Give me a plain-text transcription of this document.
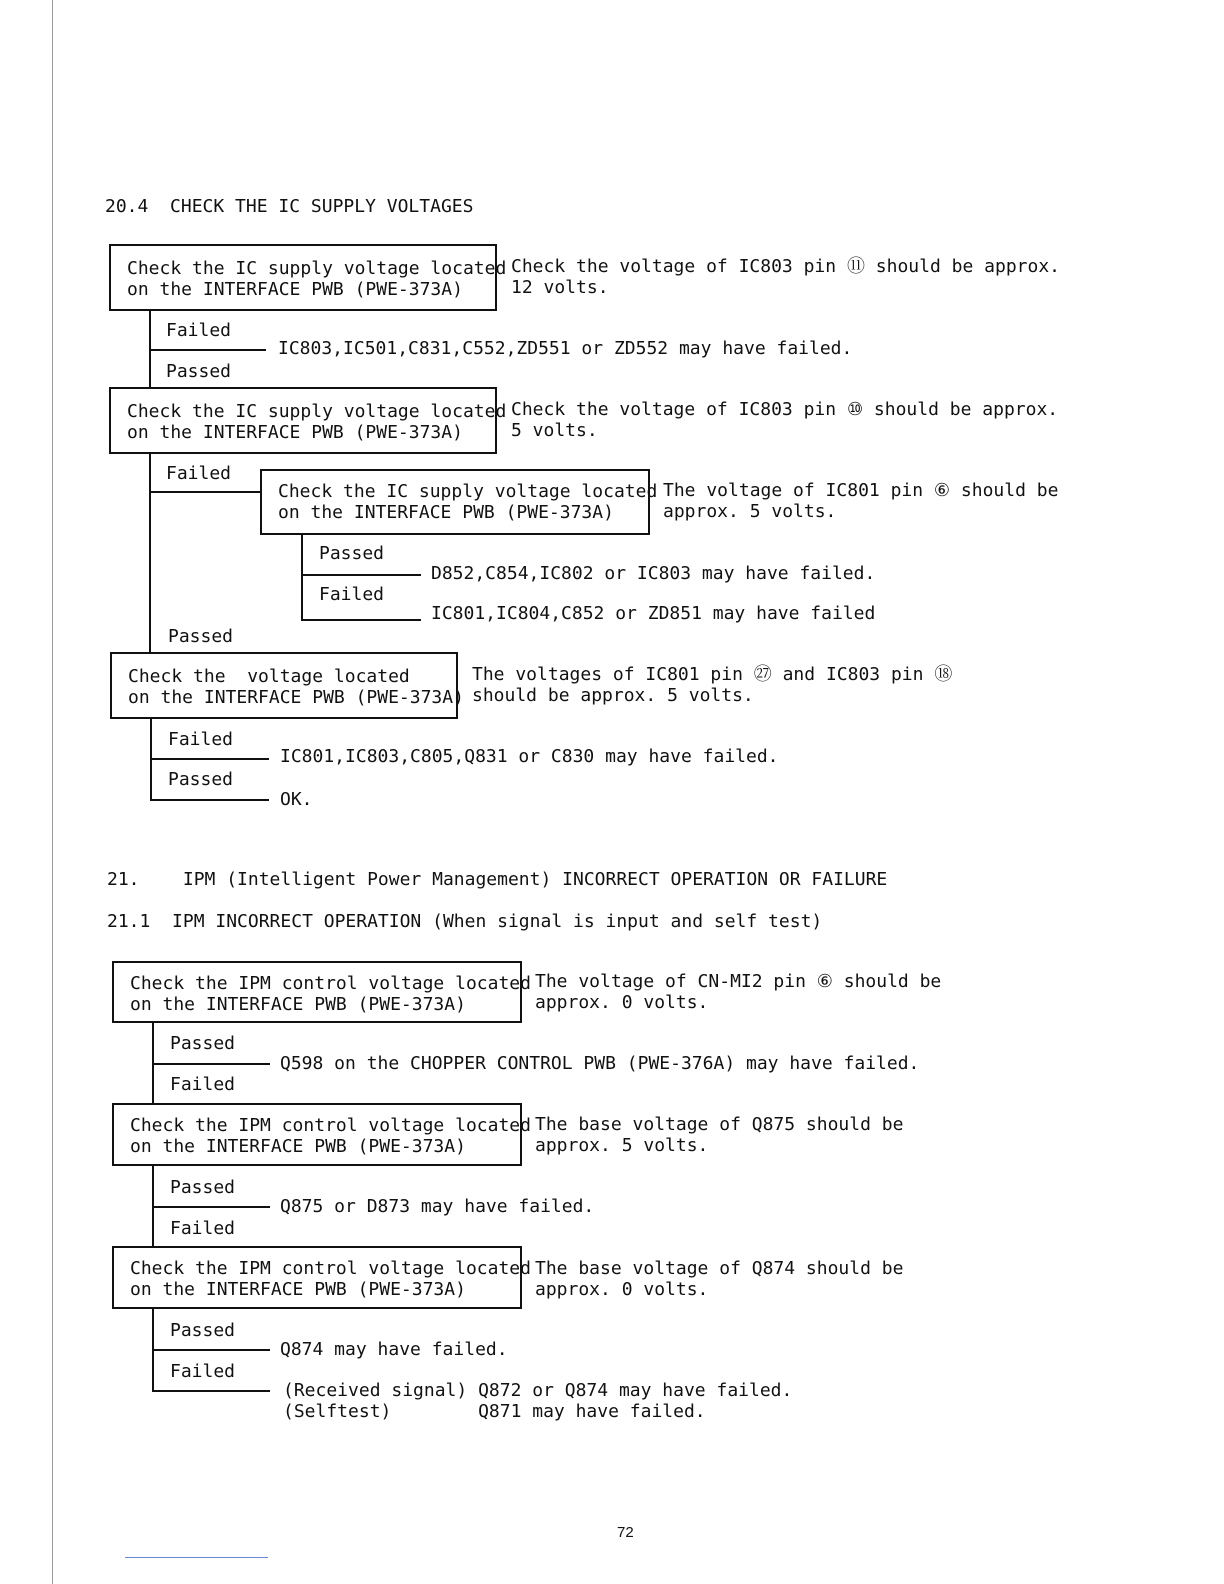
20.4  CHECK THE IC SUPPLY VOLTAGES
Check the IC supply voltage located
on the INTERFACE PWB (PWE-373A)
Check the voltage of IC803 pin ⑪ should be approx.
12 volts.
Failed
IC803,IC501,C831,C552,ZD551 or ZD552 may have failed.
Passed
Check the IC supply voltage located
on the INTERFACE PWB (PWE-373A)
Check the voltage of IC803 pin ⑩ should be approx.
5 volts.
Failed
Check the IC supply voltage located
on the INTERFACE PWB (PWE-373A)
The voltage of IC801 pin ⑥ should be
approx. 5 volts.
Passed
D852,C854,IC802 or IC803 may have failed.
Failed
IC801,IC804,C852 or ZD851 may have failed
Passed
Check the  voltage located
on the INTERFACE PWB (PWE-373A)
The voltages of IC801 pin ㉗ and IC803 pin ⑱
should be approx. 5 volts.
Failed
IC801,IC803,C805,Q831 or C830 may have failed.
Passed
OK.
21.    IPM (Intelligent Power Management) INCORRECT OPERATION OR FAILURE
21.1  IPM INCORRECT OPERATION (When signal is input and self test)
Check the IPM control voltage located
on the INTERFACE PWB (PWE-373A)
The voltage of CN-MI2 pin ⑥ should be
approx. 0 volts.
Passed
Q598 on the CHOPPER CONTROL PWB (PWE-376A) may have failed.
Failed
Check the IPM control voltage located
on the INTERFACE PWB (PWE-373A)
The base voltage of Q875 should be
approx. 5 volts.
Passed
Q875 or D873 may have failed.
Failed
Check the IPM control voltage located
on the INTERFACE PWB (PWE-373A)
The base voltage of Q874 should be
approx. 0 volts.
Passed
Q874 may have failed.
Failed
(Received signal) Q872 or Q874 may have failed.
(Selftest)        Q871 may have failed.
72
